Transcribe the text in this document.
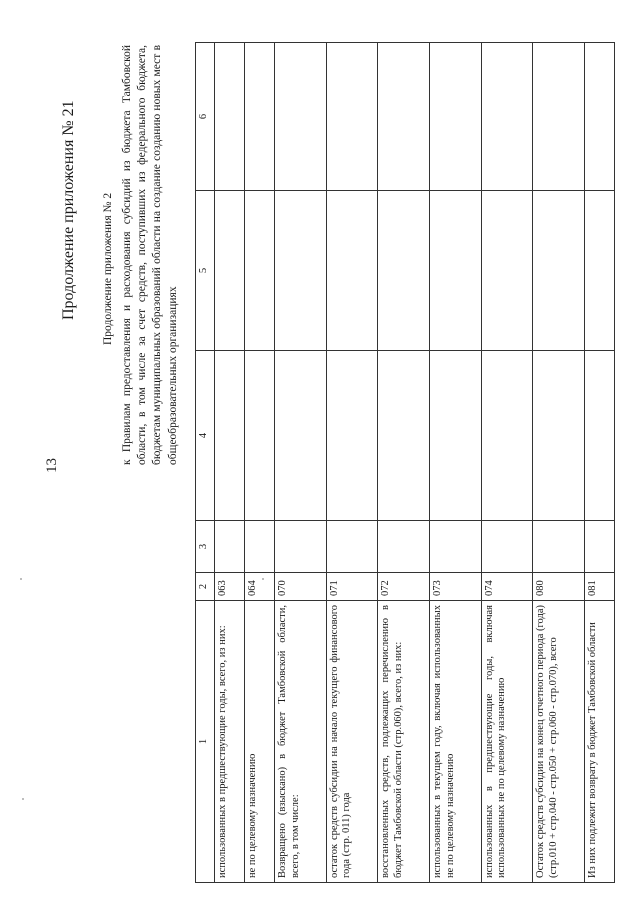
13
Продолжение приложения № 21 Продолжение приложения № 2 к Правилам предоставления и расходования субсидий из бюджета Тамбовской области, в том числе за счет средств, поступивших из федерального бюджета, бюджетам муниципальных образований области на создание созданию новых мест в общеобразовательных организациях
1	2	3	4	5	6
использованных в предшествующие годы, всего, из них:	063				
не по целевому назначению	064				
Возвращено (взыскано) в бюджет Тамбовской области, всего, в том числе:	070				
остаток средств субсидии на начало текущего финансового года (стр. 011) года	071				
восстановленных средств, подлежащих перечислению в бюджет Тамбовской области (стр.060), всего, из них:	072				
использованных в текущем году, включая использованных не по целевому назначению	073				
использованных в предшествующие годы, включая использованных не по целевому назначению	074				
Остаток средств субсидии на конец отчетного периода (года) (стр.010 + стр.040 - стр.050 + стр.060 - стр.070), всего	080				
Из них подлежит возврату в бюджет Тамбовской области	081				
